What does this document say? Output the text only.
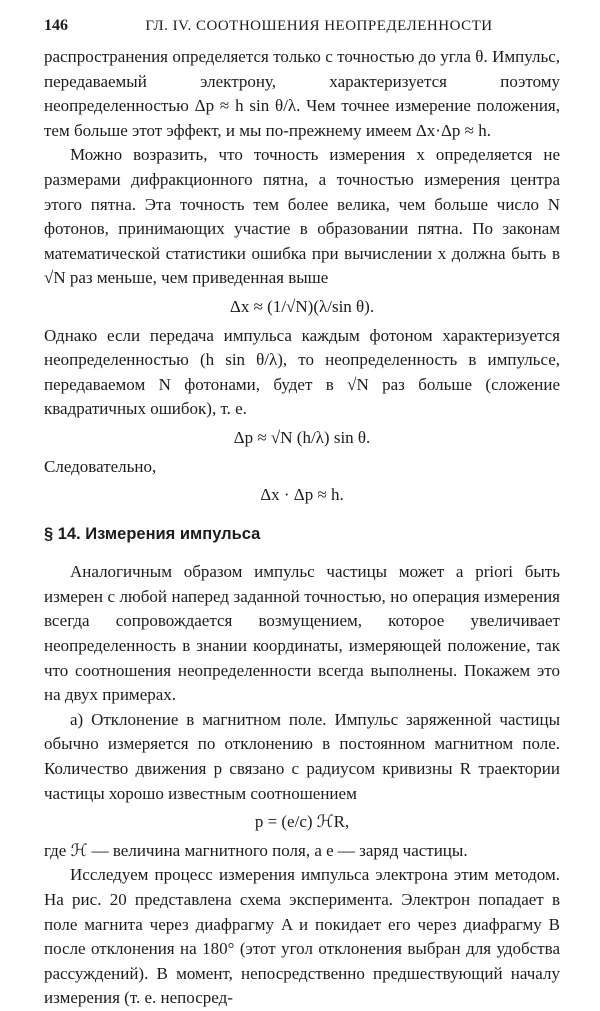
146	ГЛ. IV. СООТНОШЕНИЯ НЕОПРЕДЕЛЕННОСТИ

распространения определяется только с точностью до угла θ. Импульс, передаваемый электрону, характеризуется поэтому неопределенностью Δp ≈ h sin θ/λ. Чем точнее измерение положения, тем больше этот эффект, и мы по-прежнему имеем Δx·Δp ≈ h.

Можно возразить, что точность измерения x определяется не размерами дифракционного пятна, а точностью измерения центра этого пятна. Эта точность тем более велика, чем больше число N фотонов, принимающих участие в образовании пятна. По законам математической статистики ошибка при вычислении x должна быть в √N раз меньше, чем приведенная выше

Δx ≈ (1/√N)(λ/sin θ).

Однако если передача импульса каждым фотоном характеризуется неопределенностью (h sin θ/λ), то неопределенность в импульсе, передаваемом N фотонами, будет в √N раз больше (сложение квадратичных ошибок), т. е.

Δp ≈ √N (h/λ) sin θ.

Следовательно,

Δx · Δp ≈ h.

§ 14. Измерения импульса

Аналогичным образом импульс частицы может a priori быть измерен с любой наперед заданной точностью, но операция измерения всегда сопровождается возмущением, которое увеличивает неопределенность в знании координаты, измеряющей положение, так что соотношения неопределенности всегда выполнены. Покажем это на двух примерах.

а) Отклонение в магнитном поле. Импульс заряженной частицы обычно измеряется по отклонению в постоянном магнитном поле. Количество движения p связано с радиусом кривизны R траектории частицы хорошо известным соотношением

p = (e/c) ℋR,

где ℋ — величина магнитного поля, а e — заряд частицы.

Исследуем процесс измерения импульса электрона этим методом. На рис. 20 представлена схема эксперимента. Электрон попадает в поле магнита через диафрагму A и покидает его через диафрагму B после отклонения на 180° (этот угол отклонения выбран для удобства рассуждений). В момент, непосредственно предшествующий началу измерения (т. е. непосред-
